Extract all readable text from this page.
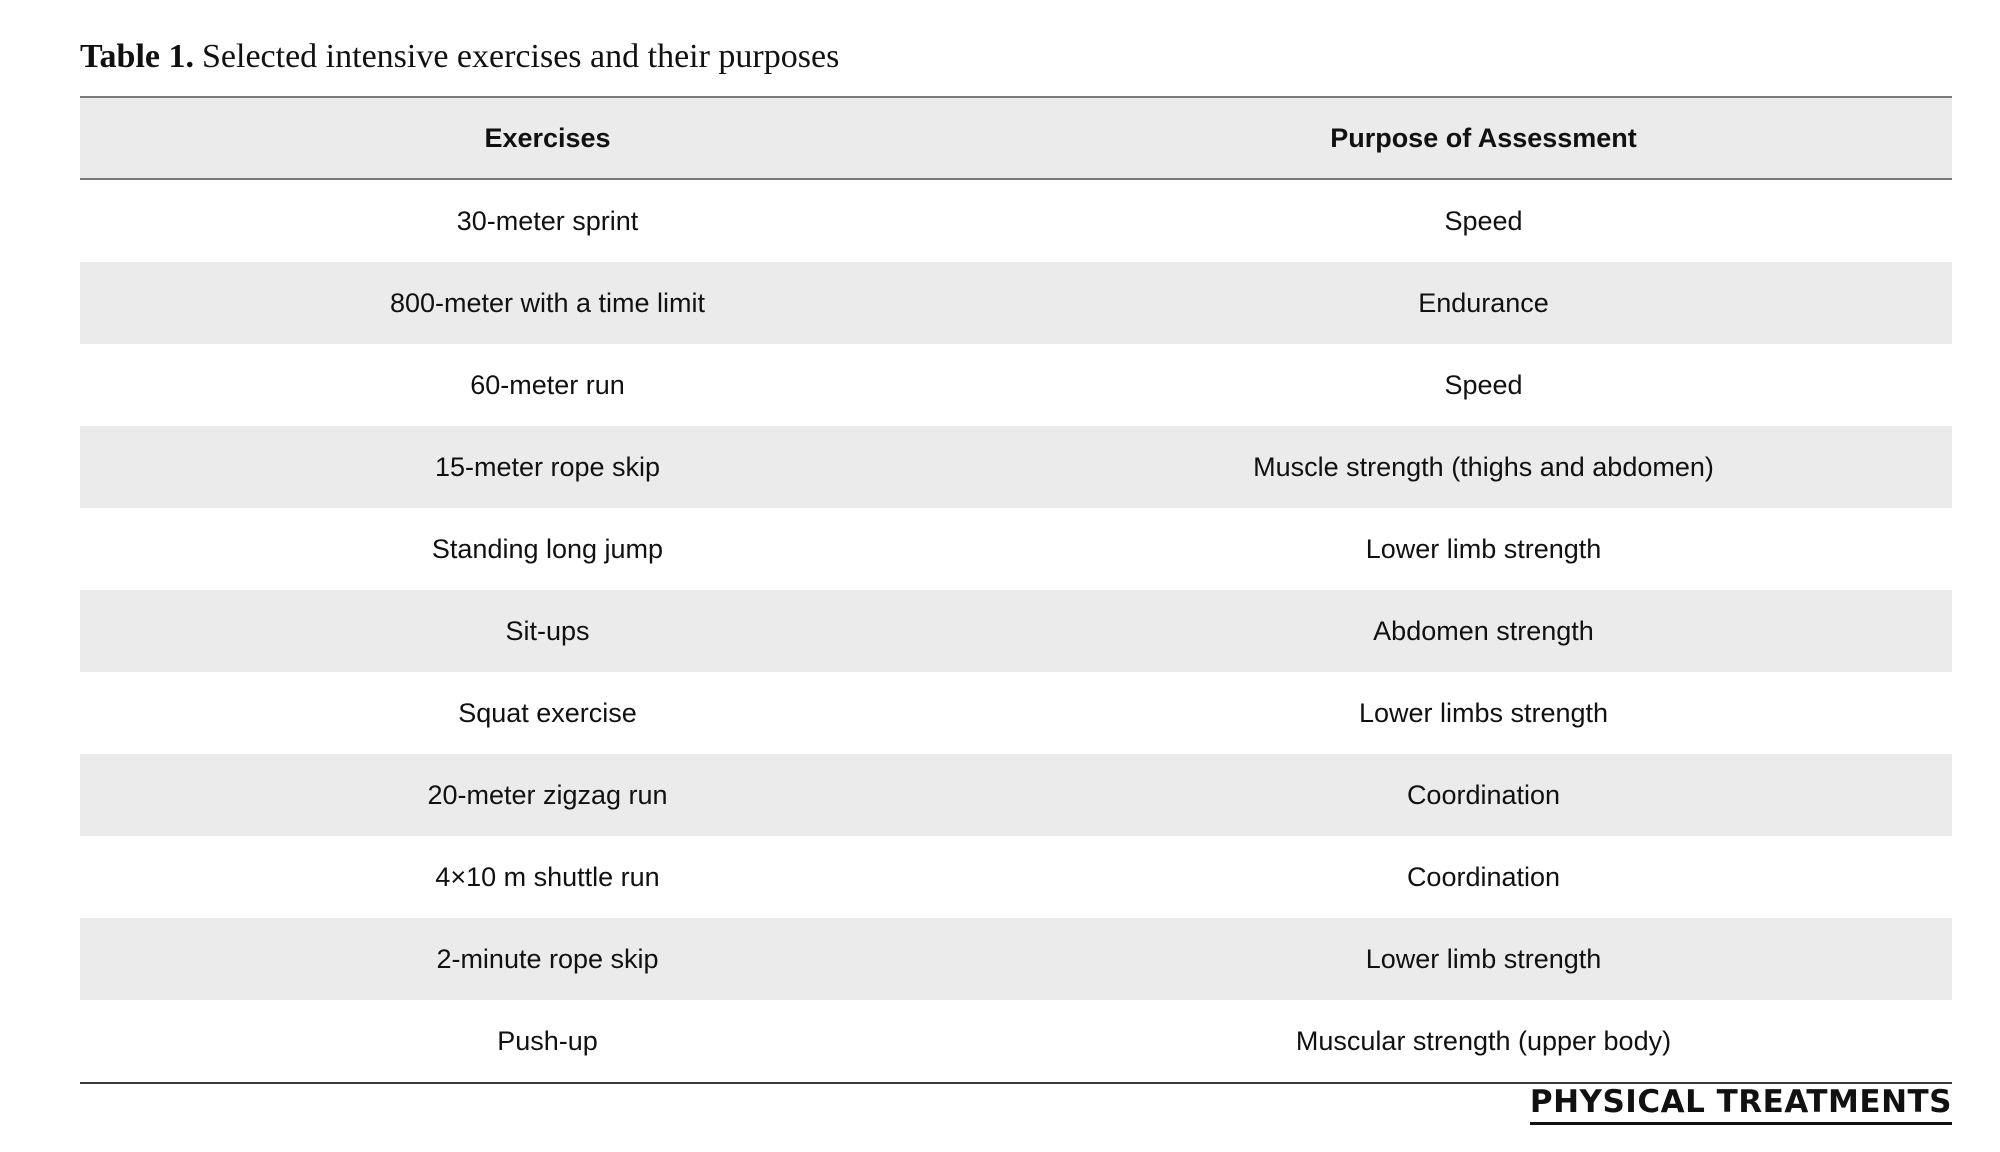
Table 1. Selected intensive exercises and their purposes
Exercises	Purpose of Assessment
30-meter sprint	Speed
800-meter with a time limit	Endurance
60-meter run	Speed
15-meter rope skip	Muscle strength (thighs and abdomen)
Standing long jump	Lower limb strength
Sit-ups	Abdomen strength
Squat exercise	Lower limbs strength
20-meter zigzag run	Coordination
4×10 m shuttle run	Coordination
2-minute rope skip	Lower limb strength
Push-up	Muscular strength (upper body)
PHYSICAL TREATMENTS
